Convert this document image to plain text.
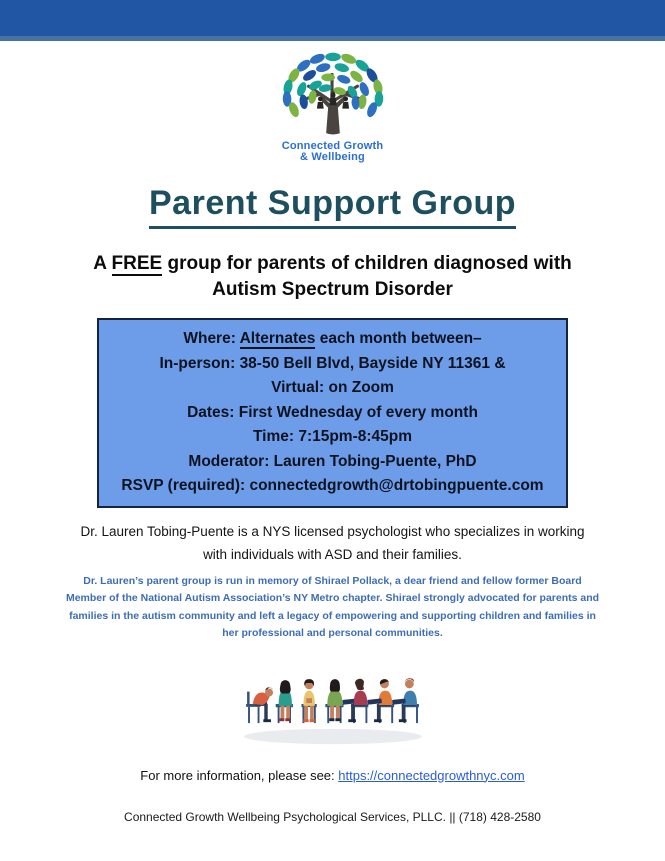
Connected Growth
& Wellbeing
Parent Support Group
A FREE group for parents of children diagnosed with Autism Spectrum Disorder
Where: Alternates each month between–
In-person: 38-50 Bell Blvd, Bayside NY 11361 &
Virtual: on Zoom
Dates: First Wednesday of every month
Time: 7:15pm-8:45pm
Moderator: Lauren Tobing-Puente, PhD
RSVP (required): connectedgrowth@drtobingpuente.com
Dr. Lauren Tobing-Puente is a NYS licensed psychologist who specializes in working with individuals with ASD and their families.
Dr. Lauren’s parent group is run in memory of Shirael Pollack, a dear friend and fellow former Board Member of the National Autism Association’s NY Metro chapter. Shirael strongly advocated for parents and families in the autism community and left a legacy of empowering and supporting children and families in her professional and personal communities.
For more information, please see: https://connectedgrowthnyc.com
Connected Growth Wellbeing Psychological Services, PLLC. || (718) 428-2580
